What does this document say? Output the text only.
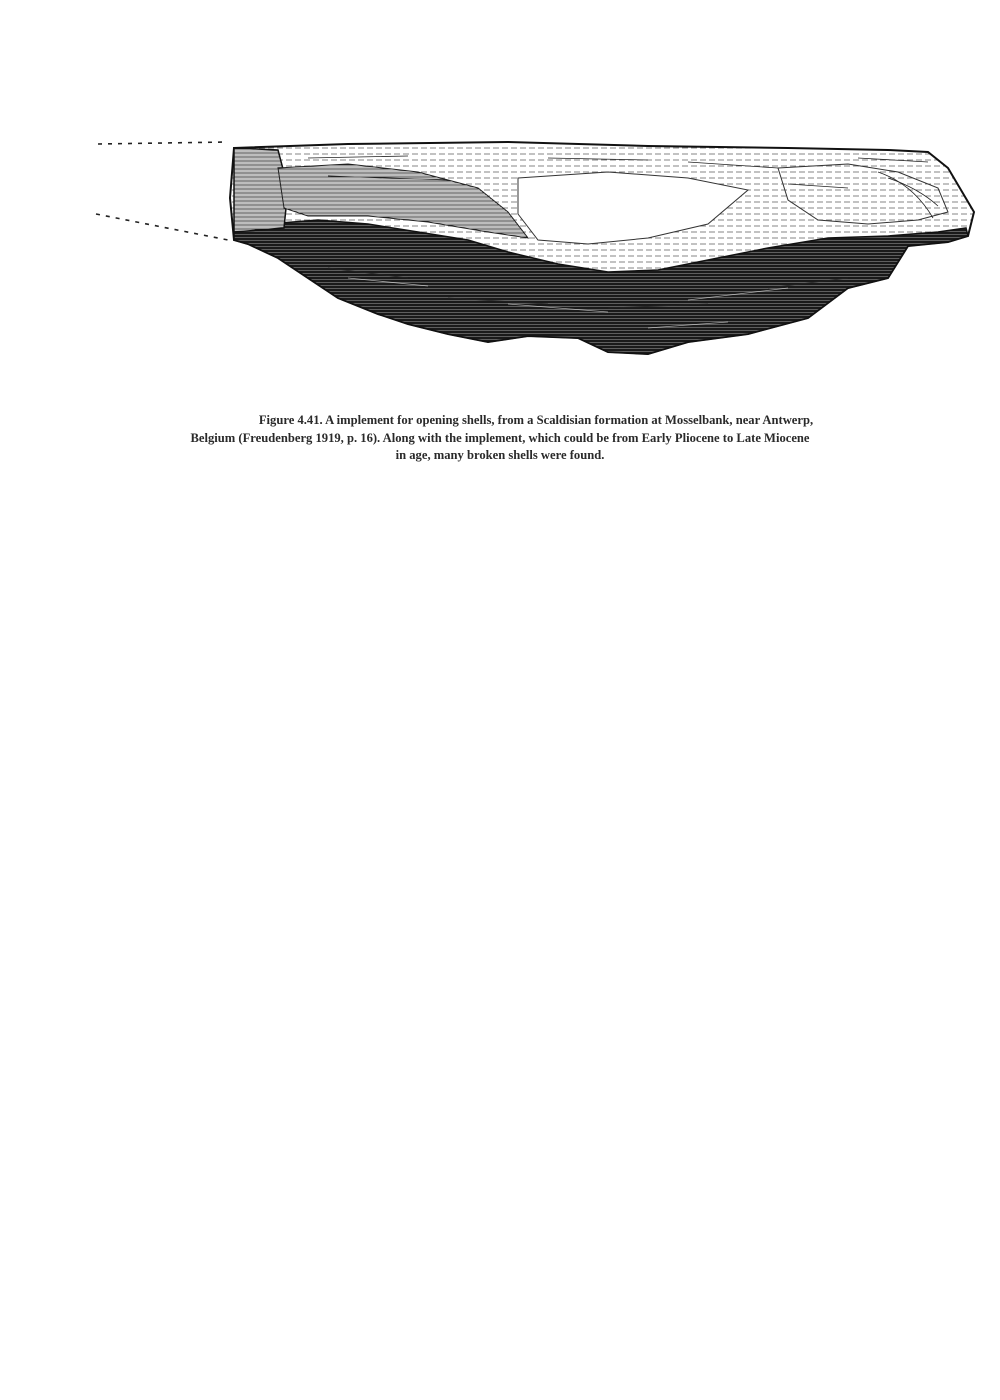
Figure 4.41. A implement for opening shells, from a Scaldisian formation at Mosselbank, near Antwerp,
Belgium (Freudenberg 1919, p. 16). Along with the implement, which could be from Early Pliocene to Late Miocene
in age, many broken shells were found.
